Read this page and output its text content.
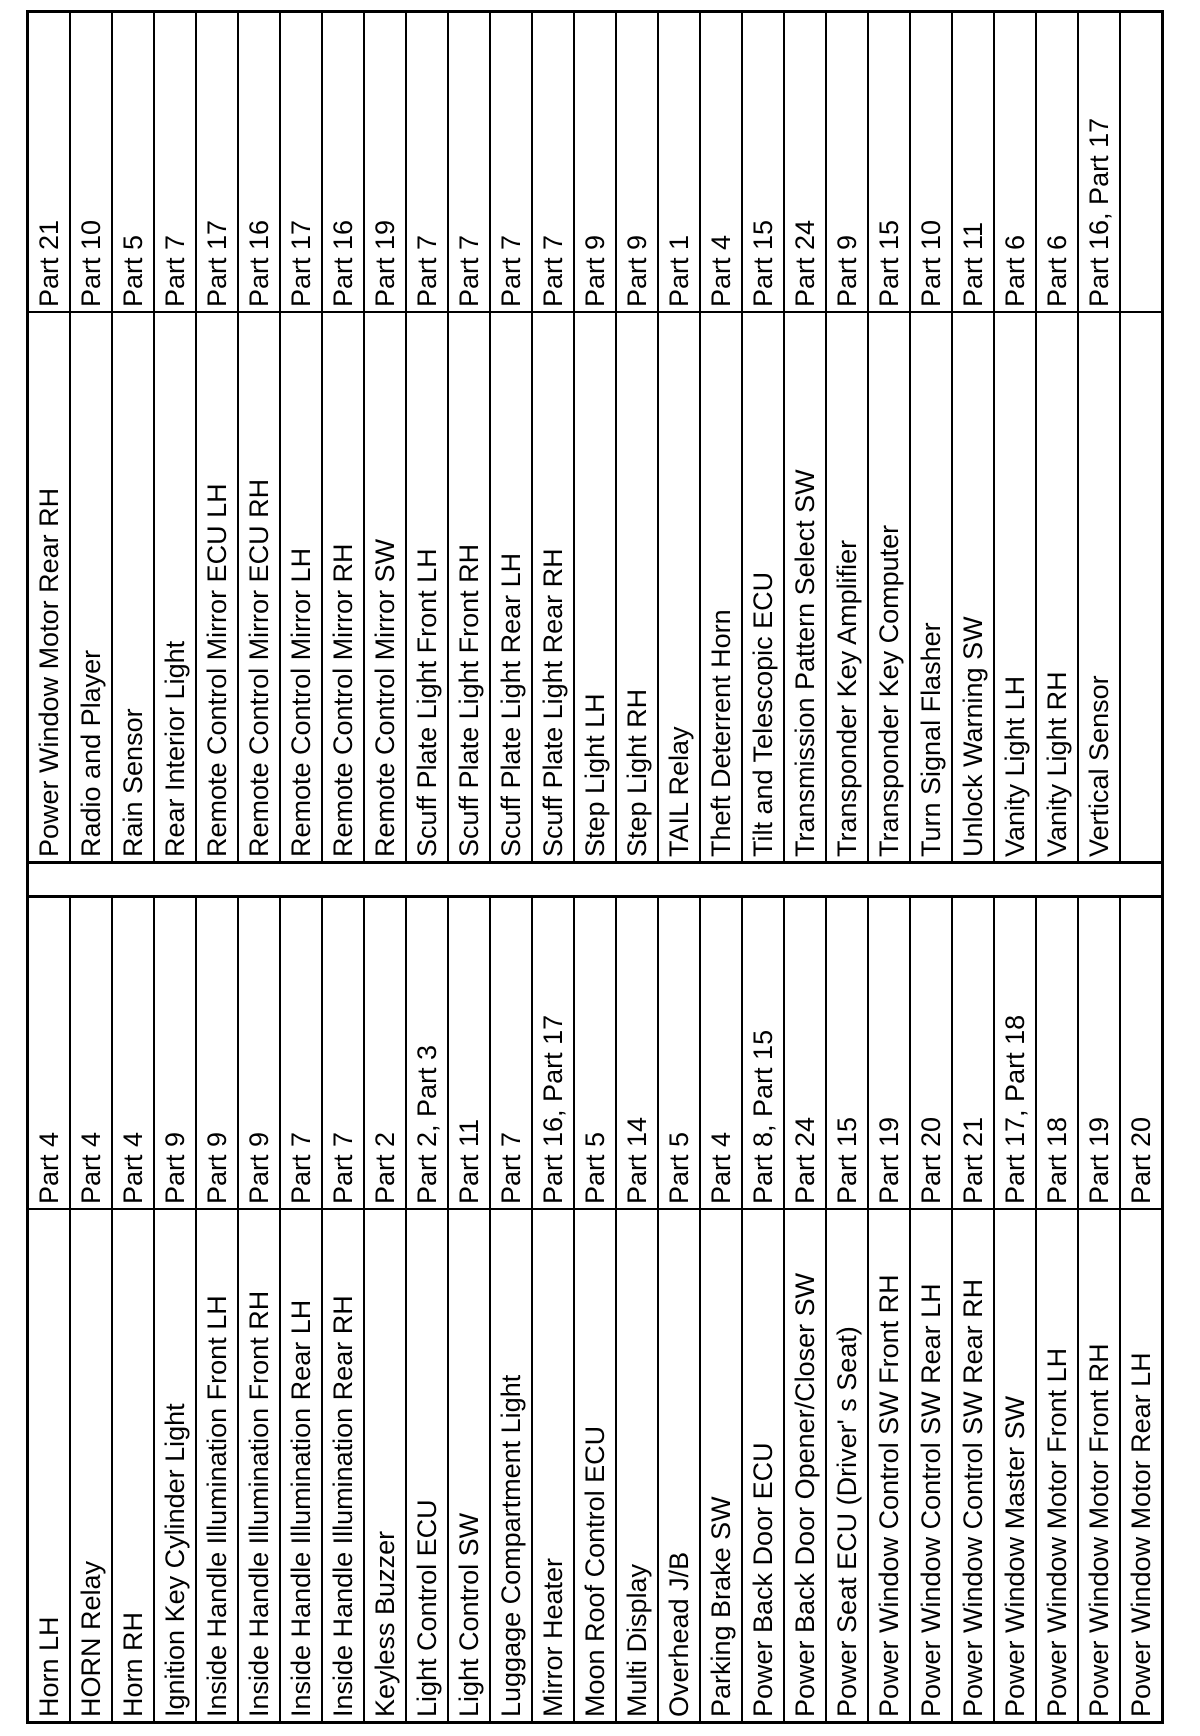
Horn LH
Part 4
HORN Relay
Part 4
Horn RH
Part 4
Ignition Key Cylinder Light
Part 9
Inside Handle Illumination Front LH
Part 9
Inside Handle Illumination Front RH
Part 9
Inside Handle Illumination Rear LH
Part 7
Inside Handle Illumination Rear RH
Part 7
Keyless Buzzer
Part 2
Light Control ECU
Part 2, Part 3
Light Control SW
Part 11
Luggage Compartment Light
Part 7
Mirror Heater
Part 16, Part 17
Moon Roof Control ECU
Part 5
Multi Display
Part 14
Overhead J/B
Part 5
Parking Brake SW
Part 4
Power Back Door ECU
Part 8, Part 15
Power Back Door Opener/Closer SW
Part 24
Power Seat ECU (Driver' s Seat)
Part 15
Power Window Control SW Front RH
Part 19
Power Window Control SW Rear LH
Part 20
Power Window Control SW Rear RH
Part 21
Power Window Master SW
Part 17, Part 18
Power Window Motor Front LH
Part 18
Power Window Motor Front RH
Part 19
Power Window Motor Rear LH
Part 20
Power Window Motor Rear RH
Part 21
Radio and Player
Part 10
Rain Sensor
Part 5
Rear Interior Light
Part 7
Remote Control Mirror ECU LH
Part 17
Remote Control Mirror ECU RH
Part 16
Remote Control Mirror LH
Part 17
Remote Control Mirror RH
Part 16
Remote Control Mirror SW
Part 19
Scuff Plate Light Front LH
Part 7
Scuff Plate Light Front RH
Part 7
Scuff Plate Light Rear LH
Part 7
Scuff Plate Light Rear RH
Part 7
Step Light LH
Part 9
Step Light RH
Part 9
TAIL Relay
Part 1
Theft Deterrent Horn
Part 4
Tilt and Telescopic ECU
Part 15
Transmission Pattern Select SW
Part 24
Transponder Key Amplifier
Part 9
Transponder Key Computer
Part 15
Turn Signal Flasher
Part 10
Unlock Warning SW
Part 11
Vanity Light LH
Part 6
Vanity Light RH
Part 6
Vertical Sensor
Part 16, Part 17
